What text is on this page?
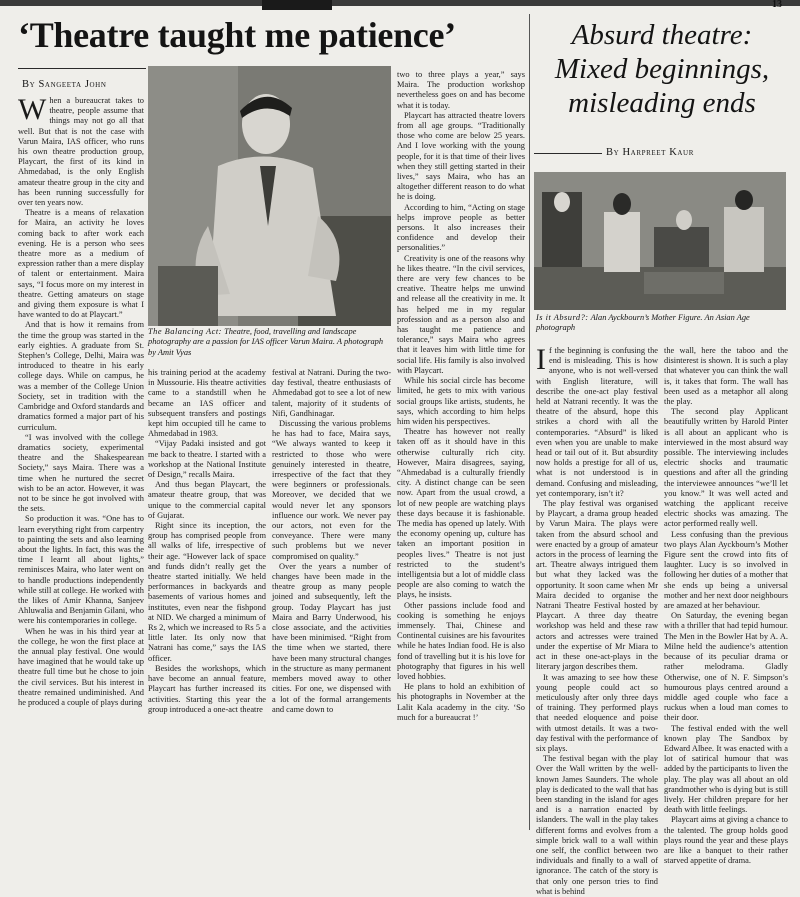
13
‘Theatre taught me patience’
By Sangeeta John
The Balancing Act: Theatre, food, travelling and landscape photography are a passion for IAS officer Varun Maira. A photograph by Amit Vyas

When a bureaucrat takes to theatre, people assume that things may not go all that well. But that is not the case with Varun Maira, IAS officer, who runs his own theatre production group, Playcart, the first of its kind in Ahmedabad, is the only English amateur theatre group in the city and has been running successfully for over ten years now.

Theatre is a means of relaxation for Maira, an activity he loves coming back to after work each evening. He is a person who sees theatre more as a medium of expression rather than a mere display of talent or entertainment. Maira says, “I focus more on my interest in theatre. Getting amateurs on stage and giving them exposure is what I have wanted to do at Playcart.”

And that is how it remains from the time the group was started in the early eighties. A graduate from St. Stephen’s College, Delhi, Maira was introduced to theatre in his early college days. While on campus, he was a member of the College Union Society, set in tradition with the Cambridge and Oxford standards and dramatics formed a major part of his curriculum.

“I was involved with the college dramatics society, experimental theatre and the Shakespearean Society,” says Maira. There was a time when he nurtured the secret wish to be an actor. However, it was not to be since he got involved with the sets.

So production it was. “One has to learn everything right from carpentry to painting the sets and also learning about the lights. In fact, this was the time I learnt all about lights,” reminisces Maira, who later went on to handle productions independently while still at college. He worked with the likes of Amir Khanna, Sanjeev Ahluwalia and Benjamin Gilani, who were his contemporaries in college.

When he was in his third year at the college, he won the first place at the annual play festival. One would have imagined that he would take up theatre full time but he chose to join the civil services. But his interest in theatre remained undiminished. And he produced a couple of plays during

his training period at the academy in Mussourie. His theatre activities came to a standstill when he became an IAS officer and subsequent transfers and postings kept him occupied till he came to Ahmedabad in 1983.

“Vijay Padaki insisted and got me back to theatre. I started with a workshop at the National Institute of Design,” recalls Maira.

And thus began Playcart, the amateur theatre group, that was unique to the commercial capital of Gujarat.

Right since its inception, the group has comprised people from all walks of life, irrespective of their age. “However lack of space and funds didn’t really get the theatre started initially. We held performances in backyards and basements of various homes and institutes, even near the fishpond at NID. We charged a minimum of Rs 2, which we increased to Rs 5 a little later. Its only now that Natrani has come,” says the IAS officer.

Besides the workshops, which have become an annual feature, Playcart has further increased its activities. Starting this year the group introduced a one-act theatre

festival at Natrani. During the two-day festival, theatre enthusiasts of Ahmedabad got to see a lot of new talent, majority of it students of Nifi, Gandhinagar.

Discussing the various problems he has had to face, Maira says, “We always wanted to keep it restricted to those who were genuinely interested in theatre, irrespective of the fact that they were beginners or professionals. Moreover, we decided that we would never let any sponsors influence our work. We never pay our actors, not even for the conveyance. There were many such problems but we never compromised on quality.”

Over the years a number of changes have been made in the theatre group as many people joined and subsequently, left the group. Today Playcart has just Maira and Barry Underwood, his close associate, and the activities have been minimised. “Right from the time when we started, there have been many structural changes in the structure as many permanent members moved away to other cities. For one, we dispensed with a lot of the formal arrangements and came down to

two to three plays a year,” says Maira. The production workshop nevertheless goes on and has become what it is today.

Playcart has attracted theatre lovers from all age groups. “Traditionally those who come are below 25 years. And I love working with the young people, for it is that time of their lives when they still getting started in their lives,” says Maira, who has an altogether different reason to do what he is doing.

According to him, “Acting on stage helps improve people as better persons. It also increases their confidence and develop their personalities.”

Creativity is one of the reasons why he likes theatre. “In the civil services, there are very few chances to be creative. Theatre helps me unwind and release all the creativity in me. It has helped me in my regular profession and as a person also and has taught me patience and tolerance,” says Maira who agrees that it leaves him with little time for social life. His family is also involved with Playcart.

While his social circle has become limited, he gets to mix with various social groups like artists, students, he says, which according to him helps him widen his perspectives.

Theatre has however not really taken off as it should have in this otherwise culturally rich city. However, Maira disagrees, saying, “Ahmedabad is a culturally friendly city. A distinct change can be seen now. Apart from the usual crowd, a lot of new people are watching plays these days because it is fashionable. The media has opened up lately. With the economy opening up, culture has taken an important position in peoples lives.” Theatre is not just restricted to the student’s intelligentsia but a lot of middle class people are also coming to watch the plays, he insists.

Other passions include food and cooking is something he enjoys immensely. Thai, Chinese and Continental cuisines are his favourites while he hates Indian food. He is also fond of travelling but it is his love for photography that figures in his well loved hobbies.

He plans to hold an exhibition of his photographs in November at the Lalit Kala academy in the city. ‘So much for a bureaucrat !’

Absurd theatre:
Mixed beginnings,
misleading ends
By Harpreet Kaur
Is it Absurd?: Alan Ayckbourn’s Mother Figure. An Asian Age photograph

If the beginning is confusing the end is misleading. This is how anyone, who is not well-versed with English literature, will describe the one-act play festival held at Natrani recently. It was the theatre of the absurd, hope this strikes a chord with all the contemporaries. “Absurd” is liked even when you are unable to make head or tail out of it. But absurdity now holds a prestige for all of us, what is not understood is in demand. Confusing and misleading, yet contemporary, isn’t it?

The play festival was organised by Playcart, a drama group headed by Varun Maira. The plays were taken from the absurd school and were enacted by a group of amateur actors in the process of learning the art. Theatre always intrigued them but what they lacked was the opportunity. It soon came when Mr Maira decided to organise the Natrani Theatre Festival hosted by Playcart. A three day theatre workshop was held and these raw actors and actresses were trained under the expertise of Mr Miara to act in these one-act-plays in the literary jargon describes them.

It was amazing to see how these young people could act so meticulously after only three days of training. They performed plays that needed eloquence and poise with utmost details. It was a two-day festival with the performance of six plays.

The festival began with the play Over the Wall written by the well-known James Saunders. The whole play is dedicated to the wall that has been standing in the island for ages and is a narration enacted by islanders. The wall in the play takes different forms and evolves from a simple brick wall to a wall within one self, the conflict between two individuals and finally to a wall of ignorance. The catch of the story is that only one person tries to find what is behind

the wall, here the taboo and the disinterest is shown. It is such a play that whatever you can think the wall is, it takes that form. The wall has been used as a metaphor all along the play.

The second play Applicant beautifully written by Harold Pinter is all about an applicant who is interviewed in the most absurd way possible. The interviewing includes electric shocks and traumatic questions and after all the grinding the interviewee announces “we’ll let you know.” It was well acted and watching the applicant receive electric shocks was amazing. The actor performed really well.

Less confusing than the previous two plays Alan Ayckbourn’s Mother Figure sent the crowd into fits of laughter. Lucy is so involved in following her duties of a mother that she ends up being a universal mother and her next door neighbours are amazed at her behaviour.

On Saturday, the evening began with a thriller that had tepid humour. The Men in the Bowler Hat by A. A. Milne held the audience’s attention because of its peculiar drama or rather melodrama. Gladly Otherwise, one of N. F. Simpson’s humourous plays centred around a middle aged couple who face a ruckus when a loud man comes to their door.

The festival ended with the well known play The Sandbox by Edward Albee. It was enacted with a lot of satirical humour that was added by the participants to liven the play. The play was all about an old grandmother who is dying but is still lively. Her children prepare for her death with little feelings.

Playcart aims at giving a chance to the talented. The group holds good plays round the year and these plays are like a banquet to their rather starved appetite of drama.
